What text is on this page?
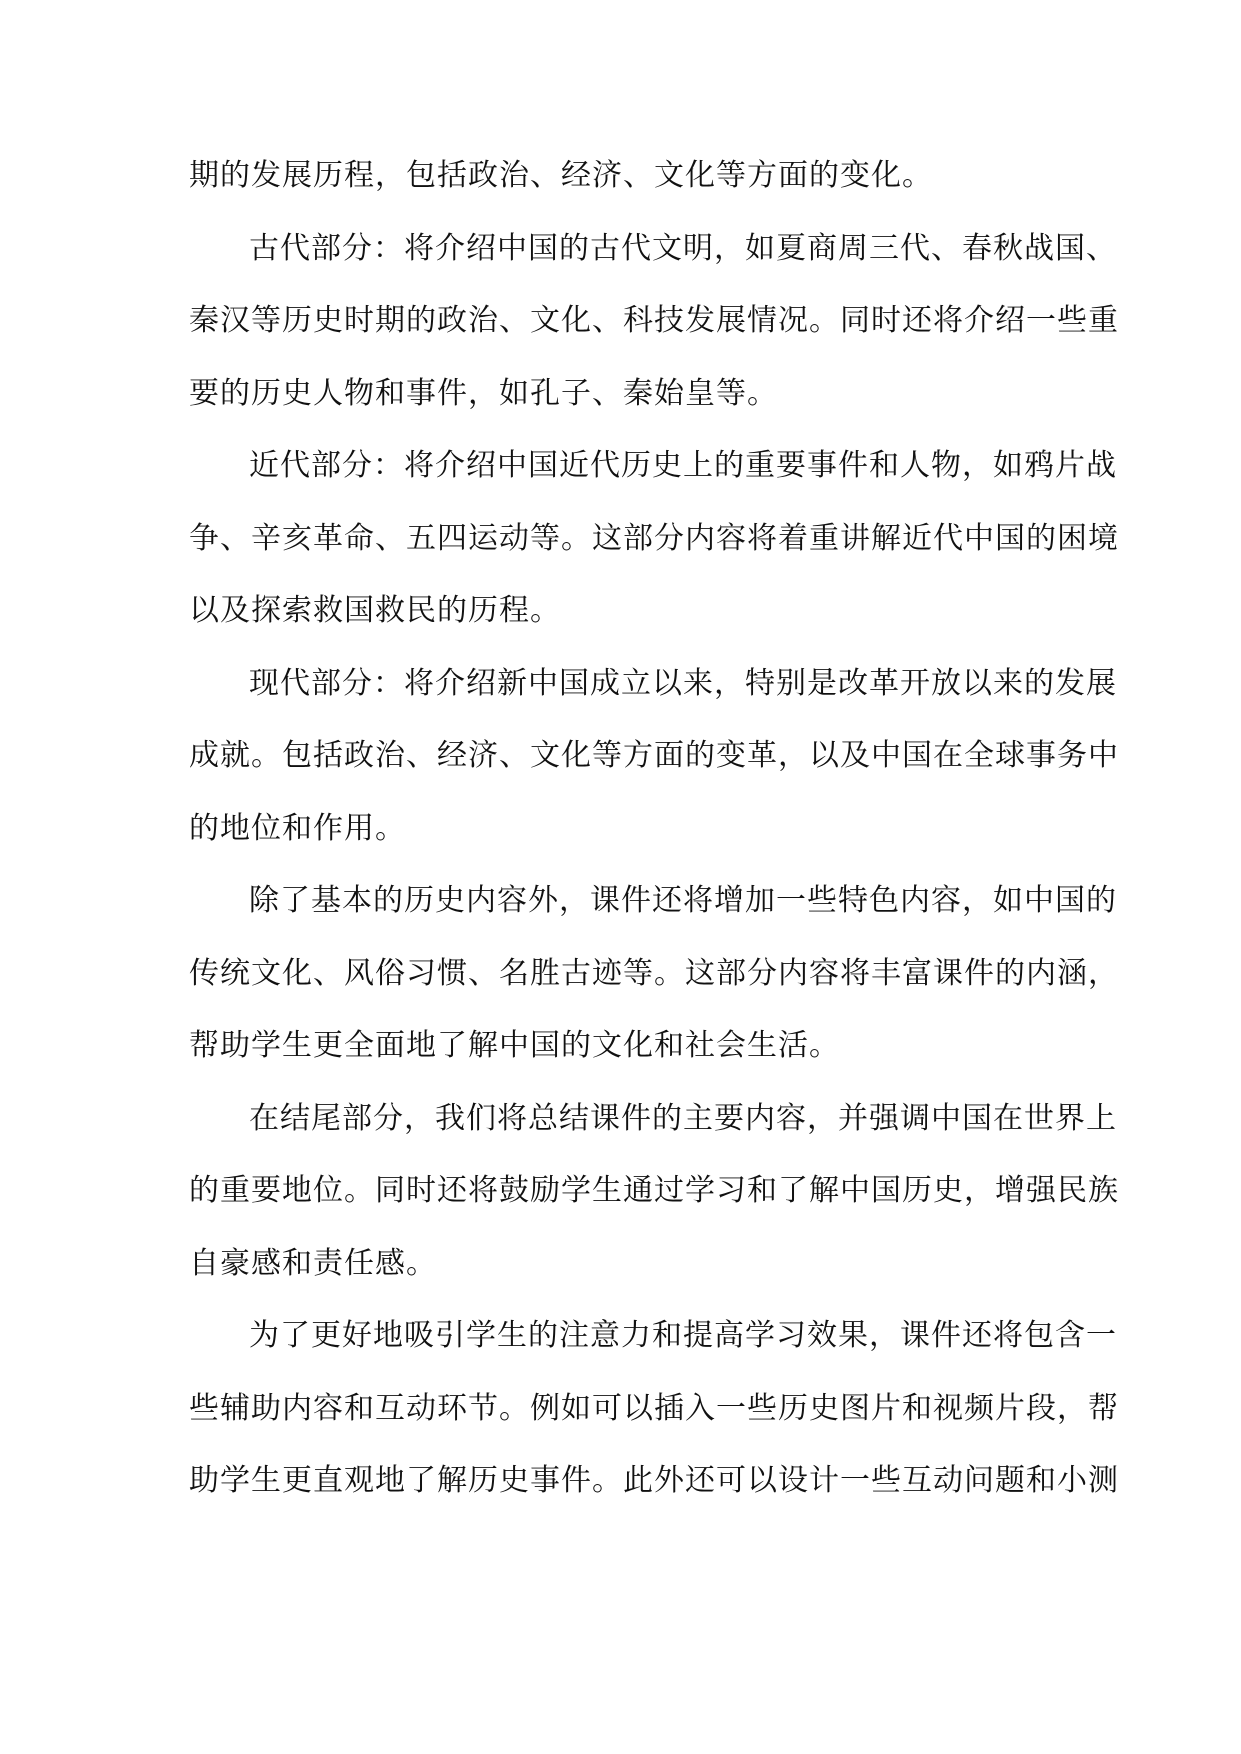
期的发展历程，包括政治、经济、文化等方面的变化。
古代部分：将介绍中国的古代文明，如夏商周三代、春秋战国、
秦汉等历史时期的政治、文化、科技发展情况。同时还将介绍一些重
要的历史人物和事件，如孔子、秦始皇等。
近代部分：将介绍中国近代历史上的重要事件和人物，如鸦片战
争、辛亥革命、五四运动等。这部分内容将着重讲解近代中国的困境
以及探索救国救民的历程。
现代部分：将介绍新中国成立以来，特别是改革开放以来的发展
成就。包括政治、经济、文化等方面的变革，以及中国在全球事务中
的地位和作用。
除了基本的历史内容外，课件还将增加一些特色内容，如中国的
传统文化、风俗习惯、名胜古迹等。这部分内容将丰富课件的内涵，
帮助学生更全面地了解中国的文化和社会生活。
在结尾部分，我们将总结课件的主要内容，并强调中国在世界上
的重要地位。同时还将鼓励学生通过学习和了解中国历史，增强民族
自豪感和责任感。
为了更好地吸引学生的注意力和提高学习效果，课件还将包含一
些辅助内容和互动环节。例如可以插入一些历史图片和视频片段，帮
助学生更直观地了解历史事件。此外还可以设计一些互动问题和小测
